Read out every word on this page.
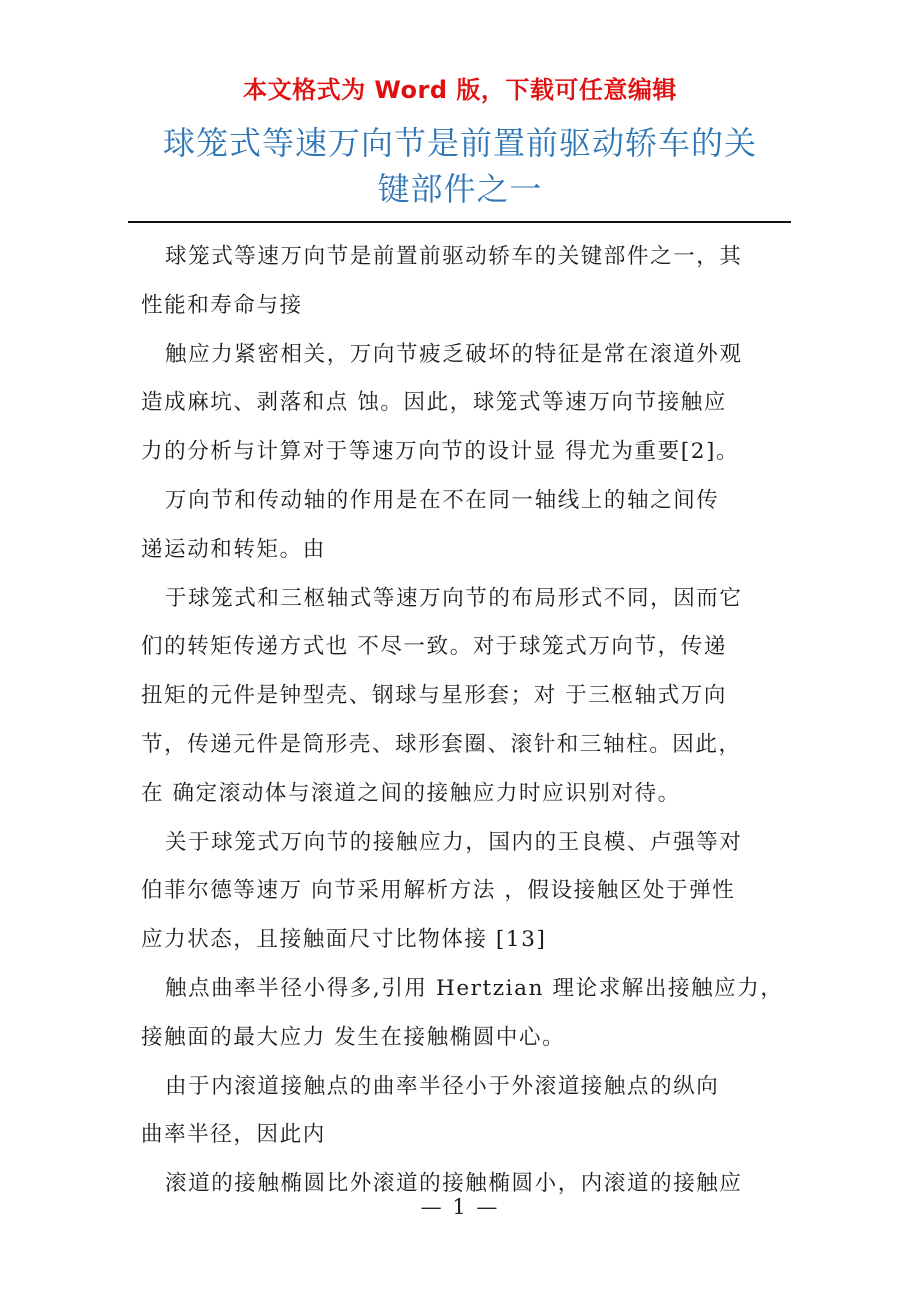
本文格式为 Word 版，下载可任意编辑
球笼式等速万向节是前置前驱动轿车的关
键部件之一

球笼式等速万向节是前置前驱动轿车的关键部件之一，其

性能和寿命与接

触应力紧密相关，万向节疲乏破坏的特征是常在滚道外观

造成麻坑、剥落和点 蚀。因此，球笼式等速万向节接触应

力的分析与计算对于等速万向节的设计显 得尤为重要[2]。

万向节和传动轴的作用是在不在同一轴线上的轴之间传

递运动和转矩。由

于球笼式和三枢轴式等速万向节的布局形式不同，因而它

们的转矩传递方式也 不尽一致。对于球笼式万向节，传递

扭矩的元件是钟型壳、钢球与星形套；对 于三枢轴式万向

节，传递元件是筒形壳、球形套圈、滚针和三轴柱。因此，

在 确定滚动体与滚道之间的接触应力时应识别对待。

关于球笼式万向节的接触应力，国内的王良模、卢强等对

伯菲尔德等速万 向节采用解析方法 ，假设接触区处于弹性

应力状态，且接触面尺寸比物体接 [13]

触点曲率半径小得多,引用 Hertzian 理论求解出接触应力，

接触面的最大应力 发生在接触椭圆中心。

由于内滚道接触点的曲率半径小于外滚道接触点的纵向

曲率半径，因此内

滚道的接触椭圆比外滚道的接触椭圆小，内滚道的接触应

— 1 —
